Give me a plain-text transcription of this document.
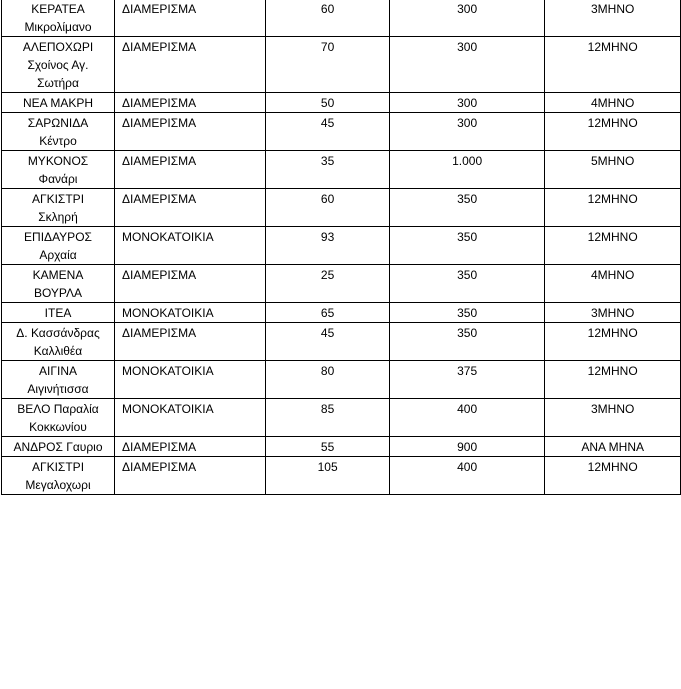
ΚΕΡΑΤΕΑ
Μικρολίμανο	ΔΙΑΜΕΡΙΣΜΑ	60	300	3ΜΗΝΟ

ΑΛΕΠΟΧΩΡΙ
Σχοίνος Αγ.
Σωτήρα	ΔΙΑΜΕΡΙΣΜΑ	70	300	12ΜΗΝΟ

ΝΕΑ ΜΑΚΡΗ	ΔΙΑΜΕΡΙΣΜΑ	50	300	4ΜΗΝΟ

ΣΑΡΩΝΙΔΑ
Κέντρο	ΔΙΑΜΕΡΙΣΜΑ	45	300	12ΜΗΝΟ

ΜΥΚΟΝΟΣ
Φανάρι	ΔΙΑΜΕΡΙΣΜΑ	35	1.000	5ΜΗΝΟ

ΑΓΚΙΣΤΡΙ
Σκληρή	ΔΙΑΜΕΡΙΣΜΑ	60	350	12ΜΗΝΟ

ΕΠΙΔΑΥΡΟΣ
Αρχαία	ΜΟΝΟΚΑΤΟΙΚΙΑ	93	350	12ΜΗΝΟ

ΚΑΜΕΝΑ
ΒΟΥΡΛΑ	ΔΙΑΜΕΡΙΣΜΑ	25	350	4ΜΗΝΟ

ΙΤΕΑ	ΜΟΝΟΚΑΤΟΙΚΙΑ	65	350	3ΜΗΝΟ

Δ. Κασσάνδρας
Καλλιθέα	ΔΙΑΜΕΡΙΣΜΑ	45	350	12ΜΗΝΟ

ΑΙΓΙΝΑ
Αιγινήτισσα	ΜΟΝΟΚΑΤΟΙΚΙΑ	80	375	12ΜΗΝΟ

ΒΕΛΟ Παραλία
Κοκκωνίου	ΜΟΝΟΚΑΤΟΙΚΙΑ	85	400	3ΜΗΝΟ

ΑΝΔΡΟΣ Γαυριο	ΔΙΑΜΕΡΙΣΜΑ	55	900	ΑΝΑ ΜΗΝΑ

ΑΓΚΙΣΤΡΙ
Μεγαλοχωρι	ΔΙΑΜΕΡΙΣΜΑ	105	400	12ΜΗΝΟ
